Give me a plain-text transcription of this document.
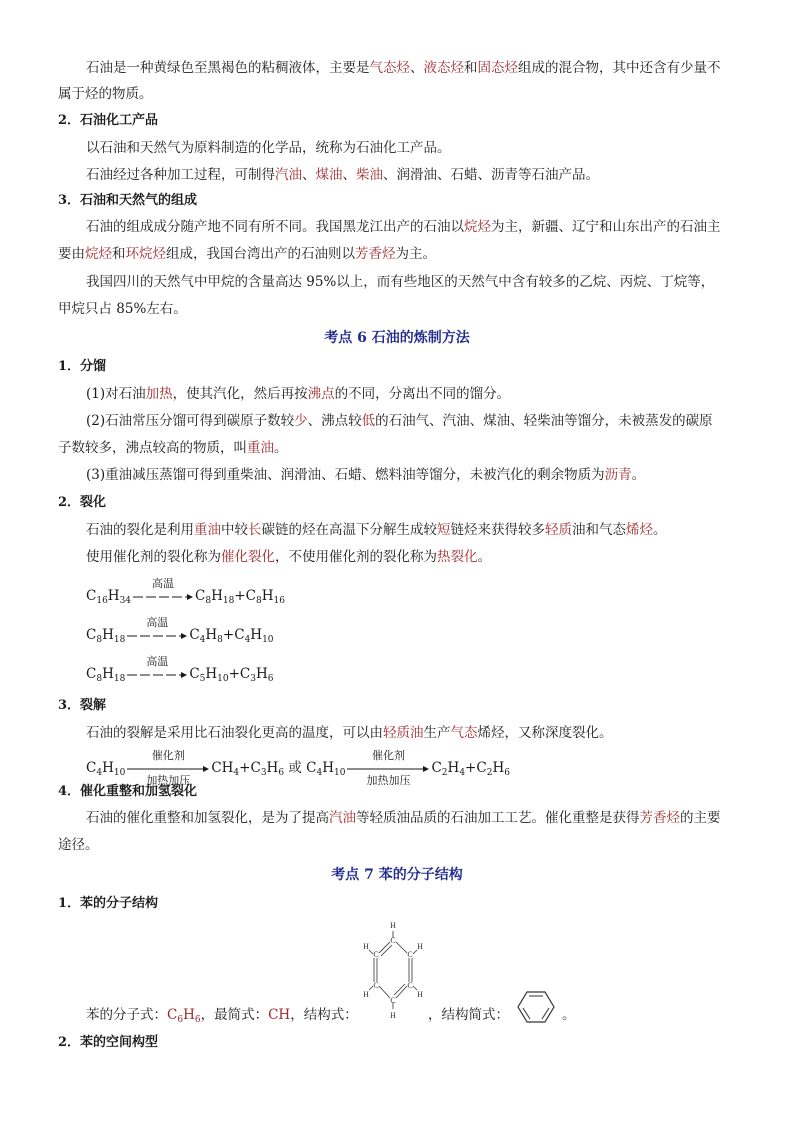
石油是一种黄绿色至黑褐色的粘稠液体，主要是气态烃、液态烃和固态烃组成的混合物，其中还含有少量不
属于烃的物质。
2．石油化工产品
以石油和天然气为原料制造的化学品，统称为石油化工产品。
石油经过各种加工过程，可制得汽油、煤油、柴油、润滑油、石蜡、沥青等石油产品。
3．石油和天然气的组成
石油的组成成分随产地不同有所不同。我国黑龙江出产的石油以烷烃为主，新疆、辽宁和山东出产的石油主
要由烷烃和环烷烃组成，我国台湾出产的石油则以芳香烃为主。
我国四川的天然气中甲烷的含量高达 95%以上，而有些地区的天然气中含有较多的乙烷、丙烷、丁烷等，
甲烷只占 85%左右。
考点 6 石油的炼制方法
1．分馏
(1)对石油加热，使其汽化，然后再按沸点的不同，分离出不同的馏分。
(2)石油常压分馏可得到碳原子数较少、沸点较低的石油气、汽油、煤油、轻柴油等馏分，未被蒸发的碳原
子数较多，沸点较高的物质，叫重油。
(3)重油减压蒸馏可得到重柴油、润滑油、石蜡、燃料油等馏分，未被汽化的剩余物质为沥青。
2．裂化
石油的裂化是利用重油中较长碳链的烃在高温下分解生成较短链烃来获得较多轻质油和气态烯烃。
使用催化剂的裂化称为催化裂化，不使用催化剂的裂化称为热裂化。
$C_{16}H_{34}$
高温
$C_8H_{18}+C_8H_{16}$
$C_8H_{18}$
高温
$C_4H_8+C_4H_{10}$
$C_8H_{18}$
高温
$C_5H_{10}+C_3H_6$
3．裂解
石油的裂解是采用比石油裂化更高的温度，可以由轻质油生产气态烯烃，又称深度裂化。
$C_4H_{10}$
催化剂
加热加压
$CH_4+C_3H_6$ 或 $C_4H_{10}$
催化剂
加热加压
$C_2H_4+C_2H_6$
4．催化重整和加氢裂化
石油的催化重整和加氢裂化，是为了提高汽油等轻质油品质的石油加工工艺。催化重整是获得芳香烃的主要
途径。
考点 7 苯的分子结构
1．苯的分子结构
H
C
C
C
C
C
C
H
H
H
H
H
苯的分子式：$C_6H_6$，最简式：CH，结构式：	，结构简式：	。
2．苯的空间构型
